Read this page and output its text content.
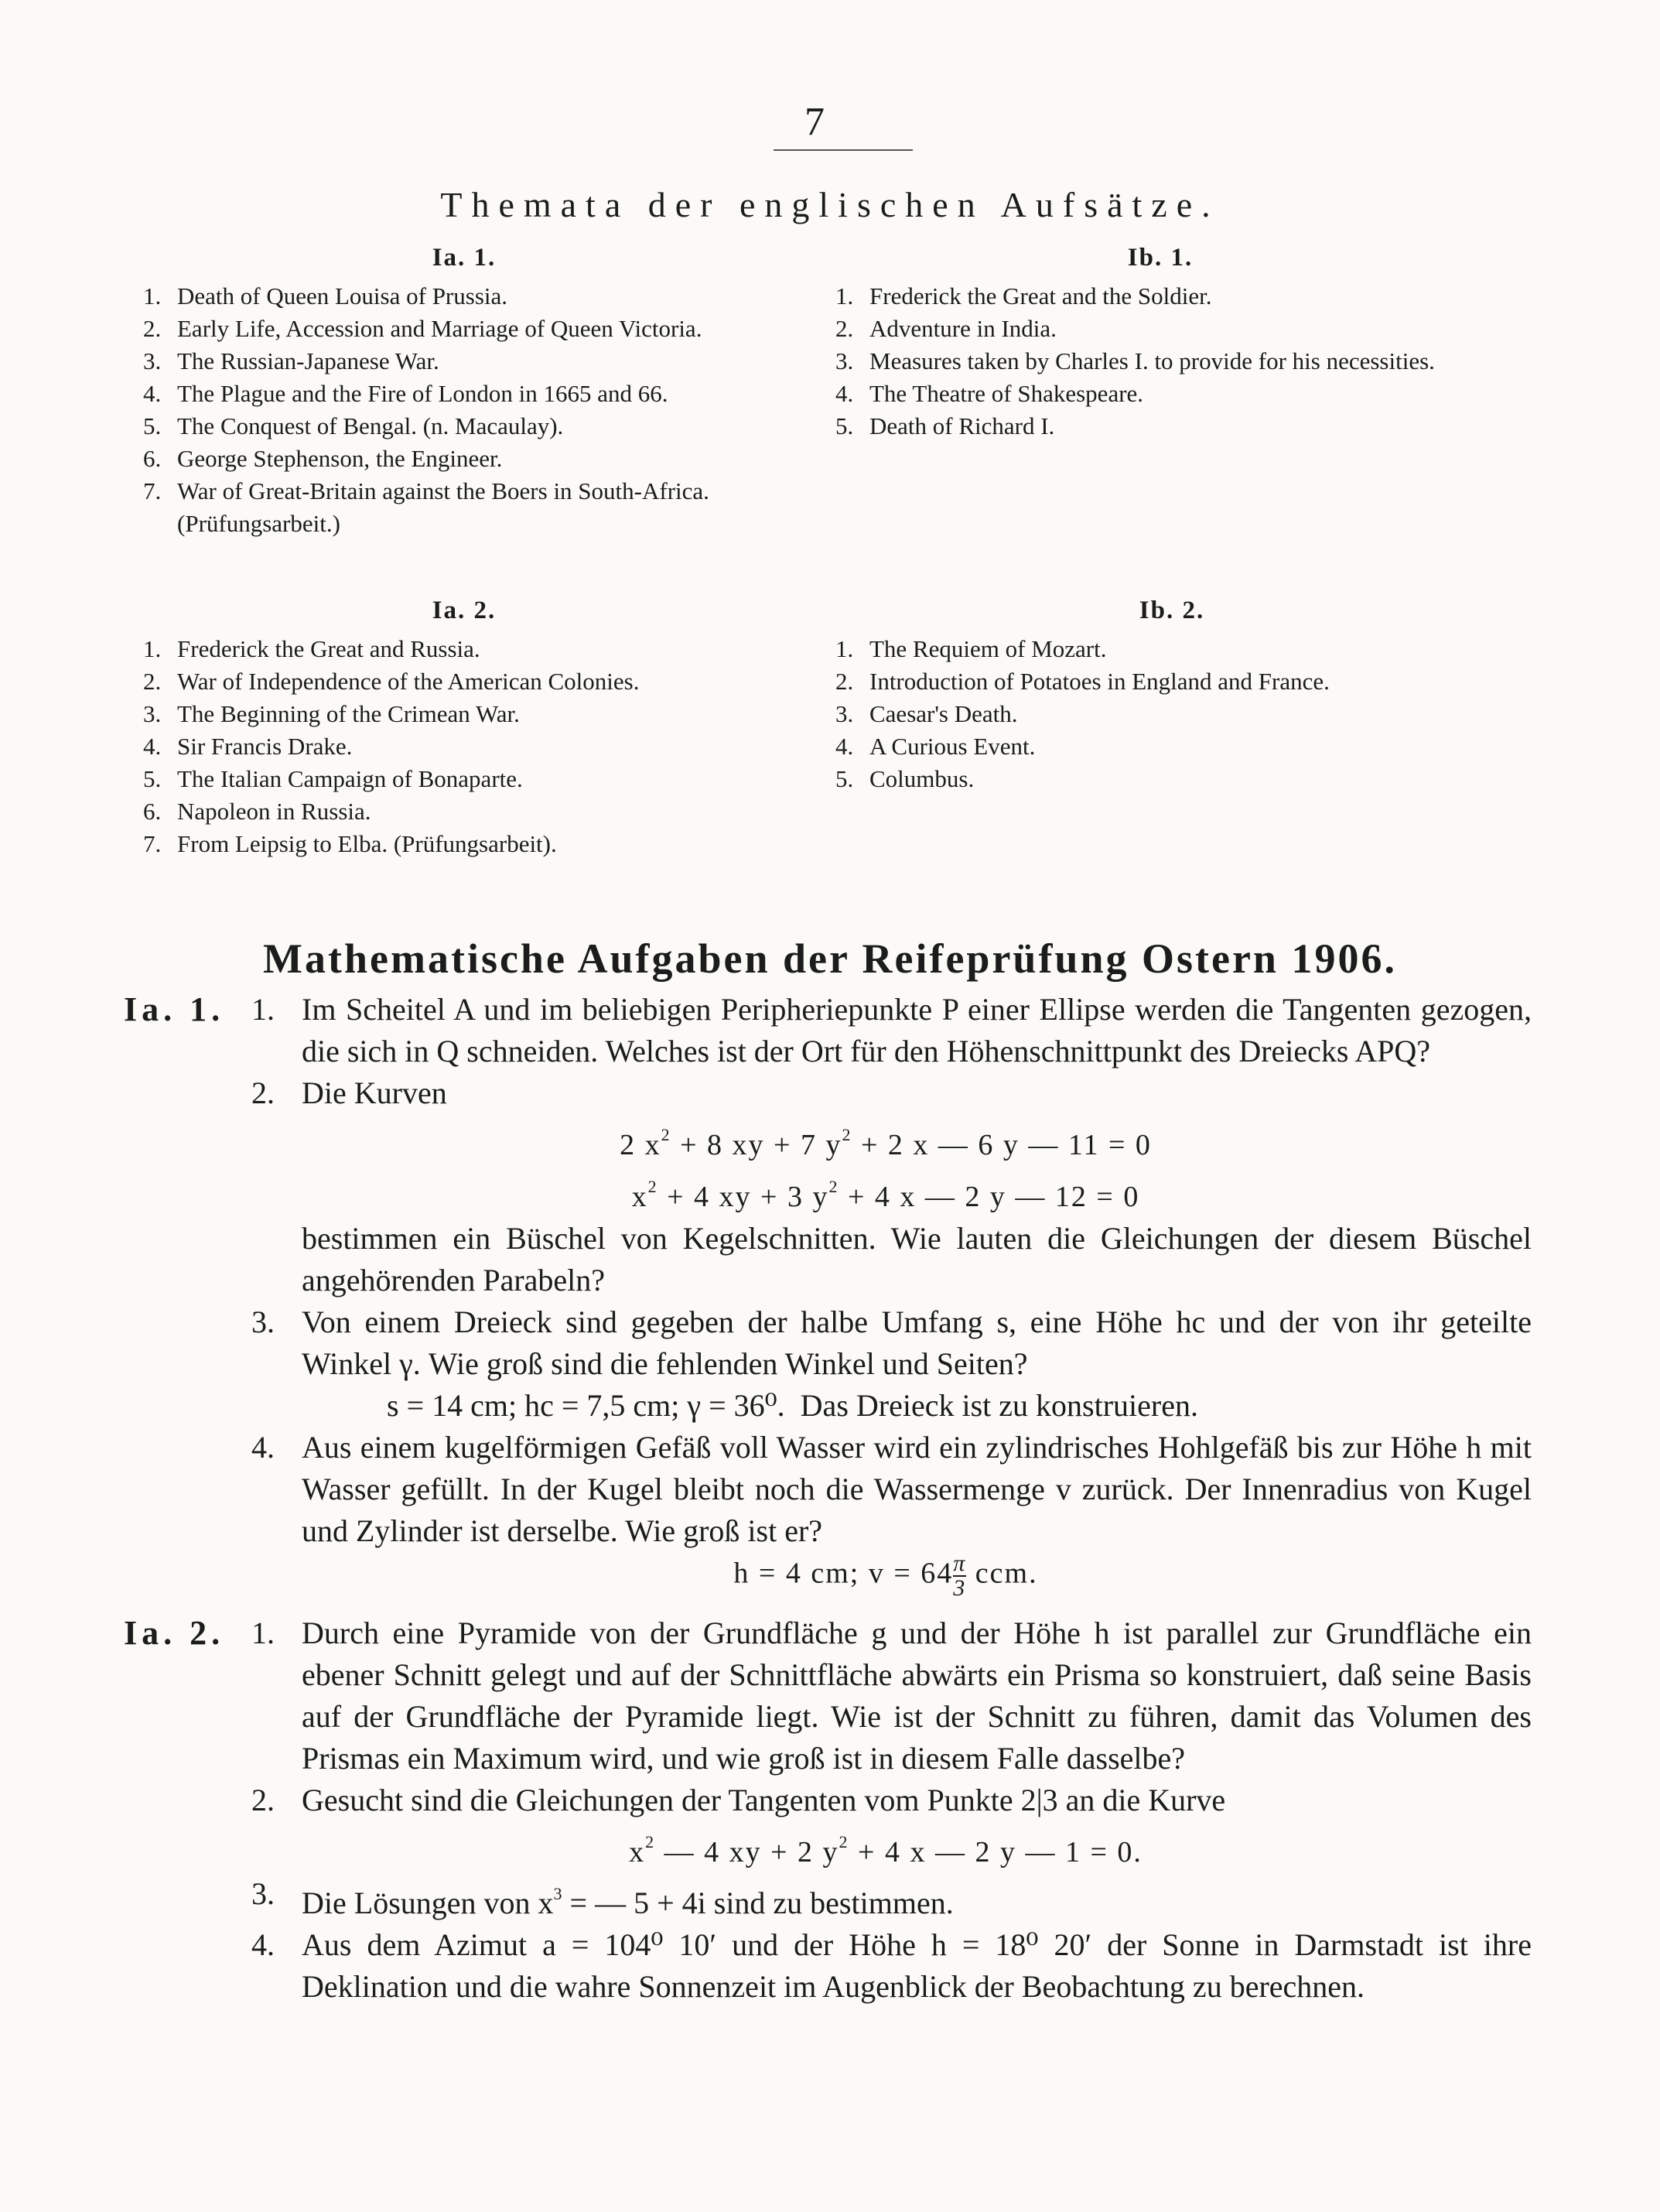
7
Themata der englischen Aufsätze.
Ia. 1.
1. Death of Queen Louisa of Prussia.
2. Early Life, Accession and Marriage of Queen Victoria.
3. The Russian-Japanese War.
4. The Plague and the Fire of London in 1665 and 66.
5. The Conquest of Bengal. (n. Macaulay).
6. George Stephenson, the Engineer.
7. War of Great-Britain against the Boers in South-Africa. (Prüfungsarbeit.)
Ib. 1.
1. Frederick the Great and the Soldier.
2. Adventure in India.
3. Measures taken by Charles I. to provide for his necessities.
4. The Theatre of Shakespeare.
5. Death of Richard I.
Ia. 2.
1. Frederick the Great and Russia.
2. War of Independence of the American Colonies.
3. The Beginning of the Crimean War.
4. Sir Francis Drake.
5. The Italian Campaign of Bonaparte.
6. Napoleon in Russia.
7. From Leipsig to Elba. (Prüfungsarbeit).
Ib. 2.
1. The Requiem of Mozart.
2. Introduction of Potatoes in England and France.
3. Caesar's Death.
4. A Curious Event.
5. Columbus.
Mathematische Aufgaben der Reifeprüfung Ostern 1906.
Ia. 1. 1. Im Scheitel A und im beliebigen Peripheriepunkte P einer Ellipse werden die Tangenten gezogen, die sich in Q schneiden. Welches ist der Ort für den Höhenschnittpunkt des Dreiecks APQ?
2. Die Kurven
2 $x^2 + 8$ xy + 7 $y^2 + 2$ x — 6 y — 11 = 0
$x^2 + 4$ xy + 3 $y^2 + 4$ x — 2 y — 12 = 0
bestimmen ein Büschel von Kegelschnitten. Wie lauten die Gleichungen der diesem Büschel angehörenden Parabeln?
3. Von einem Dreieck sind gegeben der halbe Umfang s, eine Höhe hc und der von ihr geteilte Winkel γ. Wie groß sind die fehlenden Winkel und Seiten?
s = 14 cm; hc = 7,5 cm; γ = 36⁰. Das Dreieck ist zu konstruieren.
4. Aus einem kugelförmigen Gefäß voll Wasser wird ein zylindrisches Hohlgefäß bis zur Höhe h mit Wasser gefüllt. In der Kugel bleibt noch die Wassermenge v zurück. Der Innenradius von Kugel und Zylinder ist derselbe. Wie groß ist er?
h = 4 cm; $v = 64 \frac{\pi}{3}$ ccm.
Ia. 2. 1. Durch eine Pyramide von der Grundfläche g und der Höhe h ist parallel zur Grundfläche ein ebener Schnitt gelegt und auf der Schnittfläche abwärts ein Prisma so konstruiert, daß seine Basis auf der Grundfläche der Pyramide liegt. Wie ist der Schnitt zu führen, damit das Volumen des Prismas ein Maximum wird, und wie groß ist in diesem Falle dasselbe?
2. Gesucht sind die Gleichungen der Tangenten vom Punkte 2|3 an die Kurve
$x^2$ — 4 xy + 2 $y^2 + 4$ x — 2 y — 1 = 0.
3. Die Lösungen von $x^3$ = — 5 + 4i sind zu bestimmen.
4. Aus dem Azimut a = 104⁰ 10′ und der Höhe h = 18⁰ 20′ der Sonne in Darmstadt ist ihre Deklination und die wahre Sonnenzeit im Augenblick der Beobachtung zu berechnen.
